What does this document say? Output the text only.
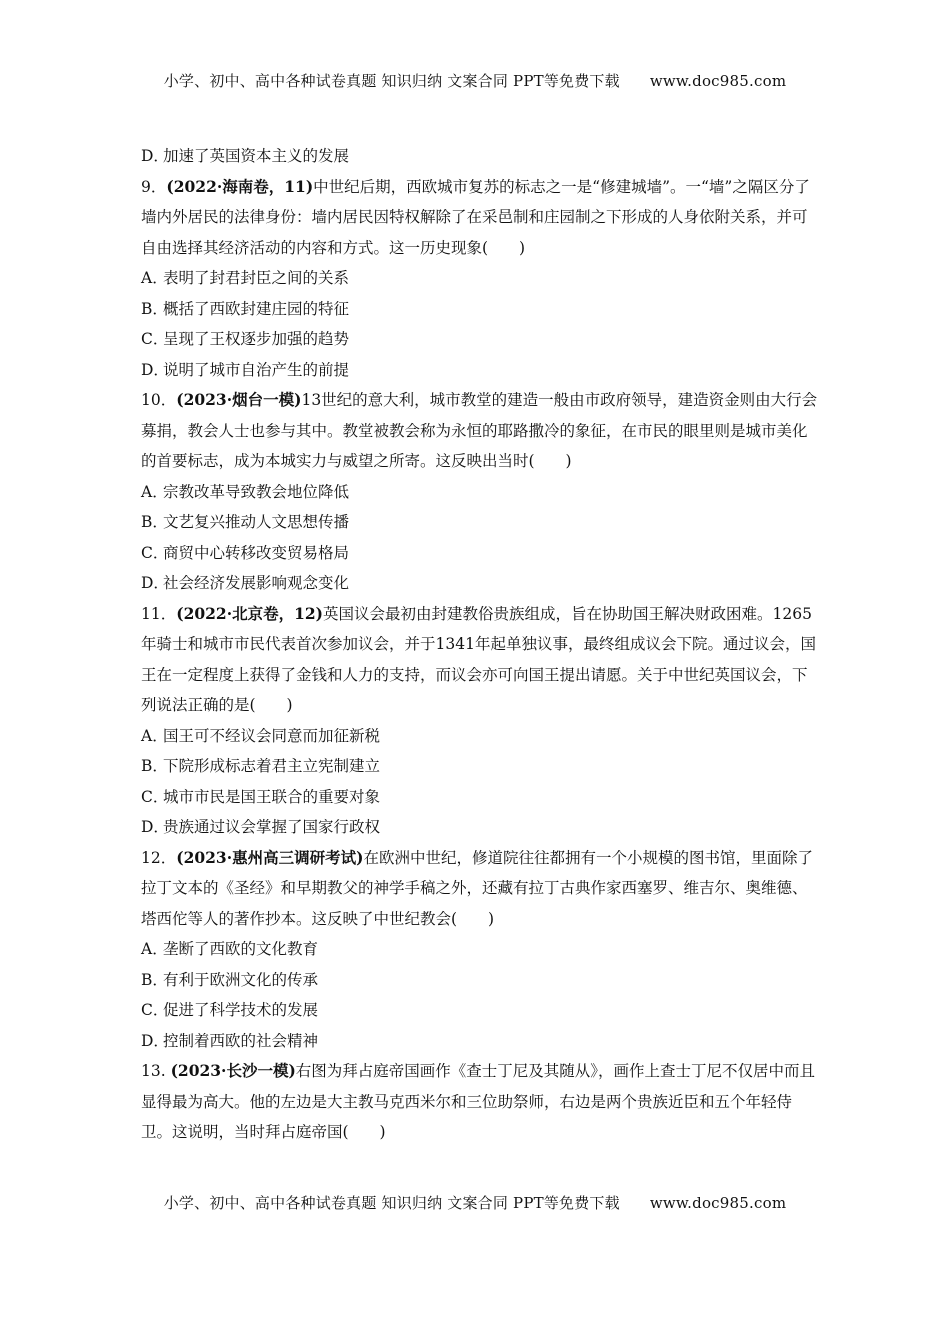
小学、初中、高中各种试卷真题 知识归纳 文案合同 PPT等免费下载 www.doc985.com
D．加速了英国资本主义的发展
9．(2022·海南卷，11)中世纪后期，西欧城市复苏的标志之一是“修建城墙”。一“墙”之隔区分了墙内外居民的法律身份：墙内居民因特权解除了在采邑制和庄园制之下形成的人身依附关系，并可自由选择其经济活动的内容和方式。这一历史现象(　　)
A．表明了封君封臣之间的关系
B．概括了西欧封建庄园的特征
C．呈现了王权逐步加强的趋势
D．说明了城市自治产生的前提
10．(2023·烟台一模)13世纪的意大利，城市教堂的建造一般由市政府领导，建造资金则由大行会募捐，教会人士也参与其中。教堂被教会称为永恒的耶路撒冷的象征，在市民的眼里则是城市美化的首要标志，成为本城实力与威望之所寄。这反映出当时(　　)
A．宗教改革导致教会地位降低
B．文艺复兴推动人文思想传播
C．商贸中心转移改变贸易格局
D．社会经济发展影响观念变化
11．(2022·北京卷，12)英国议会最初由封建教俗贵族组成，旨在协助国王解决财政困难。1265年骑士和城市市民代表首次参加议会，并于1341年起单独议事，最终组成议会下院。通过议会，国王在一定程度上获得了金钱和人力的支持，而议会亦可向国王提出请愿。关于中世纪英国议会，下列说法正确的是(　　)
A．国王可不经议会同意而加征新税
B．下院形成标志着君主立宪制建立
C．城市市民是国王联合的重要对象
D．贵族通过议会掌握了国家行政权
12．(2023·惠州高三调研考试)在欧洲中世纪，修道院往往都拥有一个小规模的图书馆，里面除了拉丁文本的《圣经》和早期教父的神学手稿之外，还藏有拉丁古典作家西塞罗、维吉尔、奥维德、塔西佗等人的著作抄本。这反映了中世纪教会(　　)
A．垄断了西欧的文化教育
B．有利于欧洲文化的传承
C．促进了科学技术的发展
D．控制着西欧的社会精神
13. (2023·长沙一模)右图为拜占庭帝国画作《查士丁尼及其随从》，画作上查士丁尼不仅居中而且显得最为高大。他的左边是大主教马克西米尔和三位助祭师，右边是两个贵族近臣和五个年轻侍卫。这说明，当时拜占庭帝国(　　)
小学、初中、高中各种试卷真题 知识归纳 文案合同 PPT等免费下载 www.doc985.com
